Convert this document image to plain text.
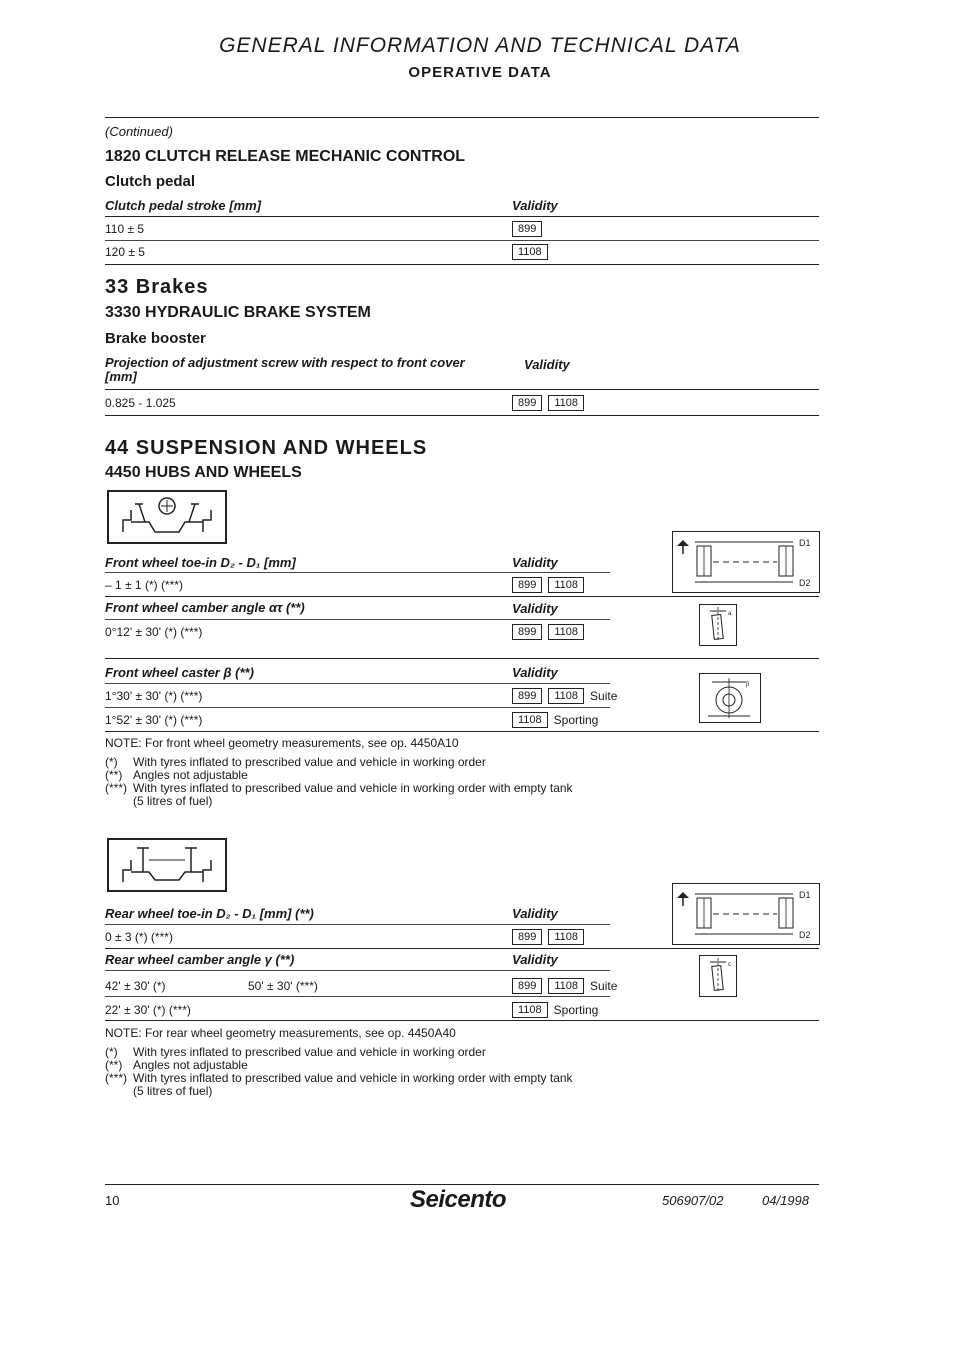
GENERAL INFORMATION AND TECHNICAL DATA
OPERATIVE DATA
(Continued)
1820 CLUTCH RELEASE MECHANIC CONTROL
Clutch pedal
Clutch pedal stroke [mm]	Validity
110 ± 5	899
120 ± 5	1108
33 Brakes
3330 HYDRAULIC BRAKE SYSTEM
Brake booster
Projection of adjustment screw with respect to front cover
[mm]
Validity
0.825 - 1.025	899	1108
44 SUSPENSION AND WHEELS
4450 HUBS AND WHEELS
Front wheel toe-in D₂ - D₁ [mm]	Validity
– 1 ± 1 (*) (***)	899	1108
D1
D2
Front wheel camber angle ατ (**)	Validity
0°12' ± 30' (*) (***)	899	1108
a
Front wheel caster β (**)	Validity
1°30' ± 30' (*) (***)	899	1108	Suite
1°52' ± 30' (*) (***)	1108	Sporting
β
NOTE: For front wheel geometry measurements, see op. 4450A10
(*)	With tyres inflated to prescribed value and vehicle in working order
(**) Angles not adjustable
(***) With tyres inflated to prescribed value and vehicle in working order with empty tank
(5 litres of fuel)
Rear wheel toe-in D₂ - D₁ [mm] (**)	Validity
0 ± 3 (*) (***)	899	1108
D1
D2
Rear wheel camber angle γ (**)	Validity
42' ± 30' (*)	50' ± 30' (***)	899	1108	Suite
22' ± 30' (*) (***)	1108	Sporting
c
NOTE: For rear wheel geometry measurements, see op. 4450A40
(*)	With tyres inflated to prescribed value and vehicle in working order
(**) Angles not adjustable
(***) With tyres inflated to prescribed value and vehicle in working order with empty tank
(5 litres of fuel)
10	Seicento	506907/02	04/1998
